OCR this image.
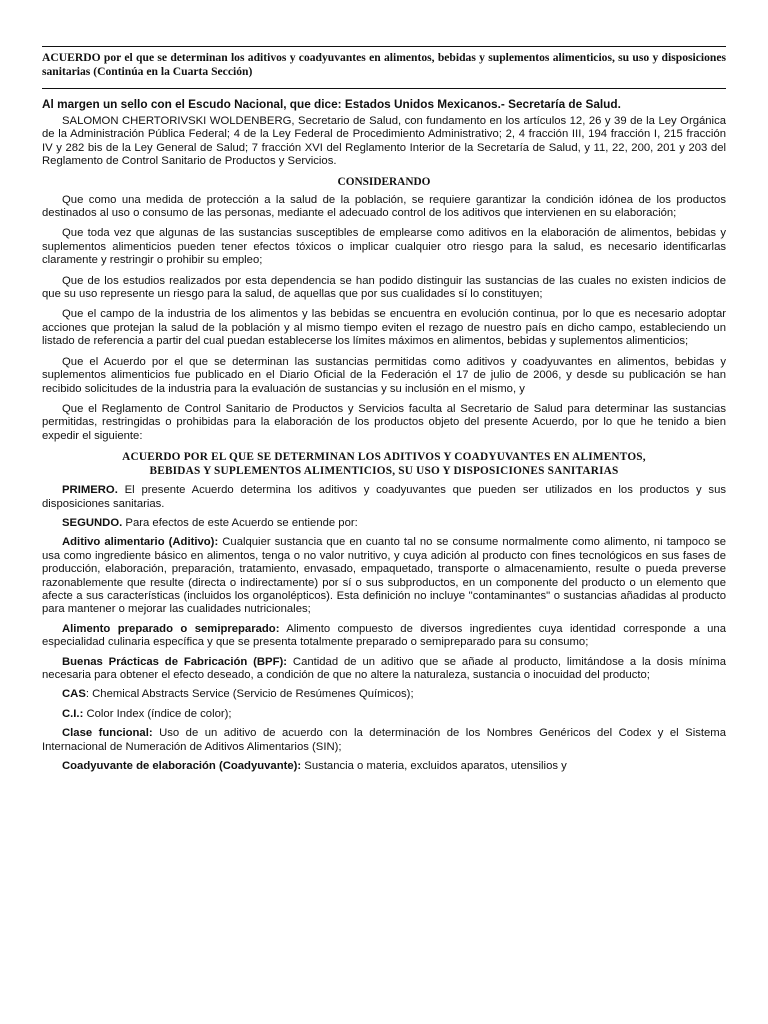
ACUERDO por el que se determinan los aditivos y coadyuvantes en alimentos, bebidas y suplementos alimenticios, su uso y disposiciones sanitarias (Continúa en la Cuarta Sección)

Al margen un sello con el Escudo Nacional, que dice: Estados Unidos Mexicanos.- Secretaría de Salud.

SALOMON CHERTORIVSKI WOLDENBERG, Secretario de Salud, con fundamento en los artículos 12, 26 y 39 de la Ley Orgánica de la Administración Pública Federal; 4 de la Ley Federal de Procedimiento Administrativo; 2, 4 fracción III, 194 fracción I, 215 fracción IV y 282 bis de la Ley General de Salud; 7 fracción XVI del Reglamento Interior de la Secretaría de Salud, y 11, 22, 200, 201 y 203 del Reglamento de Control Sanitario de Productos y Servicios.

CONSIDERANDO

Que como una medida de protección a la salud de la población, se requiere garantizar la condición idónea de los productos destinados al uso o consumo de las personas, mediante el adecuado control de los aditivos que intervienen en su elaboración;

Que toda vez que algunas de las sustancias susceptibles de emplearse como aditivos en la elaboración de alimentos, bebidas y suplementos alimenticios pueden tener efectos tóxicos o implicar cualquier otro riesgo para la salud, es necesario identificarlas claramente y restringir o prohibir su empleo;

Que de los estudios realizados por esta dependencia se han podido distinguir las sustancias de las cuales no existen indicios de que su uso represente un riesgo para la salud, de aquellas que por sus cualidades sí lo constituyen;

Que el campo de la industria de los alimentos y las bebidas se encuentra en evolución continua, por lo que es necesario adoptar acciones que protejan la salud de la población y al mismo tiempo eviten el rezago de nuestro país en dicho campo, estableciendo un listado de referencia a partir del cual puedan establecerse los límites máximos en alimentos, bebidas y suplementos alimenticios;

Que el Acuerdo por el que se determinan las sustancias permitidas como aditivos y coadyuvantes en alimentos, bebidas y suplementos alimenticios fue publicado en el Diario Oficial de la Federación el 17 de julio de 2006, y desde su publicación se han recibido solicitudes de la industria para la evaluación de sustancias y su inclusión en el mismo, y

Que el Reglamento de Control Sanitario de Productos y Servicios faculta al Secretario de Salud para determinar las sustancias permitidas, restringidas o prohibidas para la elaboración de los productos objeto del presente Acuerdo, por lo que he tenido a bien expedir el siguiente:

ACUERDO POR EL QUE SE DETERMINAN LOS ADITIVOS Y COADYUVANTES EN ALIMENTOS,
BEBIDAS Y SUPLEMENTOS ALIMENTICIOS, SU USO Y DISPOSICIONES SANITARIAS

PRIMERO. El presente Acuerdo determina los aditivos y coadyuvantes que pueden ser utilizados en los productos y sus disposiciones sanitarias.

SEGUNDO. Para efectos de este Acuerdo se entiende por:

Aditivo alimentario (Aditivo): Cualquier sustancia que en cuanto tal no se consume normalmente como alimento, ni tampoco se usa como ingrediente básico en alimentos, tenga o no valor nutritivo, y cuya adición al producto con fines tecnológicos en sus fases de producción, elaboración, preparación, tratamiento, envasado, empaquetado, transporte o almacenamiento, resulte o pueda preverse razonablemente que resulte (directa o indirectamente) por sí o sus subproductos, en un componente del producto o un elemento que afecte a sus características (incluidos los organolépticos). Esta definición no incluye "contaminantes" o sustancias añadidas al producto para mantener o mejorar las cualidades nutricionales;

Alimento preparado o semipreparado: Alimento compuesto de diversos ingredientes cuya identidad corresponde a una especialidad culinaria específica y que se presenta totalmente preparado o semipreparado para su consumo;

Buenas Prácticas de Fabricación (BPF): Cantidad de un aditivo que se añade al producto, limitándose a la dosis mínima necesaria para obtener el efecto deseado, a condición de que no altere la naturaleza, sustancia o inocuidad del producto;

CAS: Chemical Abstracts Service (Servicio de Resúmenes Químicos);

C.I.: Color Index (índice de color);

Clase funcional: Uso de un aditivo de acuerdo con la determinación de los Nombres Genéricos del Codex y el Sistema Internacional de Numeración de Aditivos Alimentarios (SIN);

Coadyuvante de elaboración (Coadyuvante): Sustancia o materia, excluidos aparatos, utensilios y
